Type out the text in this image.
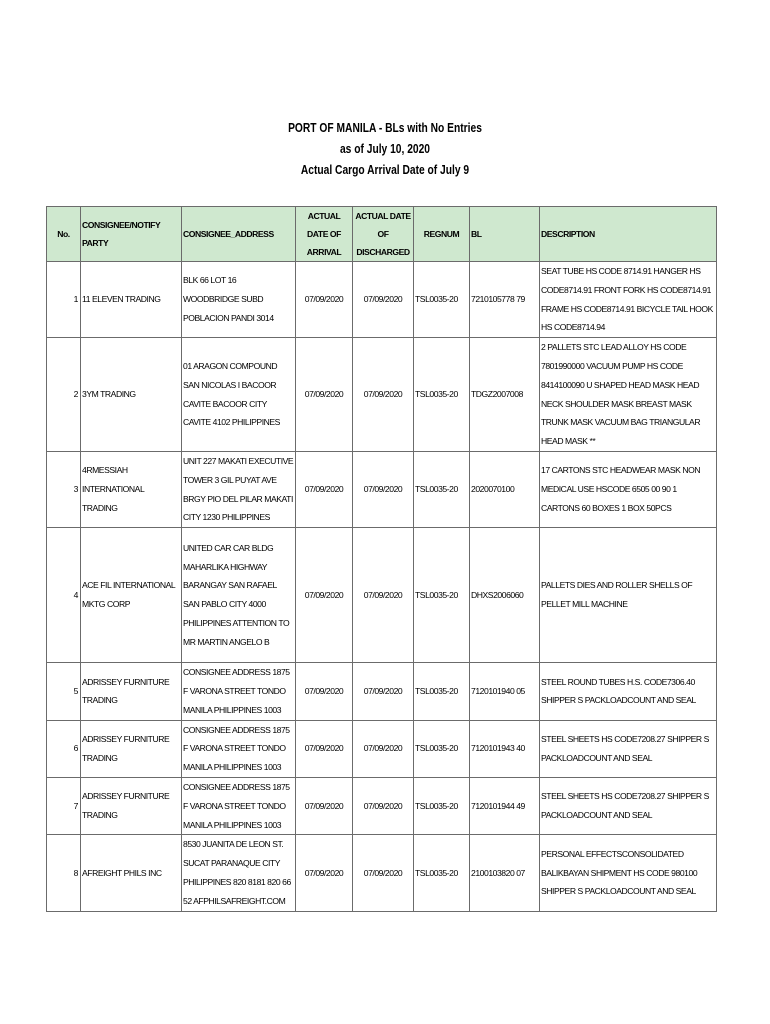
PORT OF MANILA - BLs with No Entries
as of July 10, 2020
Actual Cargo Arrival Date of July 9
No.	CONSIGNEE/NOTIFY PARTY	CONSIGNEE_ADDRESS	ACTUAL DATE OF ARRIVAL	ACTUAL DATE OF DISCHARGED	REGNUM	BL	DESCRIPTION
1	11 ELEVEN TRADING	BLK 66 LOT 16 WOODBRIDGE SUBD POBLACION PANDI 3014	07/09/2020	07/09/2020	TSL0035-20	7210105778 79	SEAT TUBE HS CODE 8714.91 HANGER HS CODE8714.91 FRONT FORK HS CODE8714.91 FRAME HS CODE8714.91 BICYCLE TAIL HOOK HS CODE8714.94
2	3YM TRADING	01 ARAGON COMPOUND SAN NICOLAS I BACOOR CAVITE BACOOR CITY CAVITE 4102 PHILIPPINES	07/09/2020	07/09/2020	TSL0035-20	TDGZ2007008	2 PALLETS STC LEAD ALLOY HS CODE 7801990000 VACUUM PUMP HS CODE 8414100090 U SHAPED HEAD MASK HEAD NECK SHOULDER MASK BREAST MASK TRUNK MASK VACUUM BAG TRIANGULAR HEAD MASK **
3	4RMESSIAH INTERNATIONAL TRADING	UNIT 227 MAKATI EXECUTIVE TOWER 3 GIL PUYAT AVE BRGY PIO DEL PILAR MAKATI CITY 1230 PHILIPPINES	07/09/2020	07/09/2020	TSL0035-20	2020070100	17 CARTONS STC HEADWEAR MASK NON MEDICAL USE HSCODE 6505 00 90 1 CARTONS 60 BOXES 1 BOX 50PCS
4	ACE FIL INTERNATIONAL MKTG CORP	UNITED CAR CAR BLDG MAHARLIKA HIGHWAY BARANGAY SAN RAFAEL SAN PABLO CITY 4000 PHILIPPINES ATTENTION TO MR MARTIN ANGELO B	07/09/2020	07/09/2020	TSL0035-20	DHXS2006060	PALLETS DIES AND ROLLER SHELLS OF PELLET MILL MACHINE
5	ADRISSEY FURNITURE TRADING	CONSIGNEE ADDRESS 1875 F VARONA STREET TONDO MANILA PHILIPPINES 1003	07/09/2020	07/09/2020	TSL0035-20	7120101940 05	STEEL ROUND TUBES H.S. CODE7306.40 SHIPPER S PACKLOADCOUNT AND SEAL
6	ADRISSEY FURNITURE TRADING	CONSIGNEE ADDRESS 1875 F VARONA STREET TONDO MANILA PHILIPPINES 1003	07/09/2020	07/09/2020	TSL0035-20	7120101943 40	STEEL SHEETS HS CODE7208.27 SHIPPER S PACKLOADCOUNT AND SEAL
7	ADRISSEY FURNITURE TRADING	CONSIGNEE ADDRESS 1875 F VARONA STREET TONDO MANILA PHILIPPINES 1003	07/09/2020	07/09/2020	TSL0035-20	7120101944 49	STEEL SHEETS HS CODE7208.27 SHIPPER S PACKLOADCOUNT AND SEAL
8	AFREIGHT PHILS INC	8530 JUANITA DE LEON ST. SUCAT PARANAQUE CITY PHILIPPINES 820 8181 820 66 52 AFPHILSAFREIGHT.COM	07/09/2020	07/09/2020	TSL0035-20	2100103820 07	PERSONAL EFFECTSCONSOLIDATED BALIKBAYAN SHIPMENT HS CODE 980100 SHIPPER S PACKLOADCOUNT AND SEAL
